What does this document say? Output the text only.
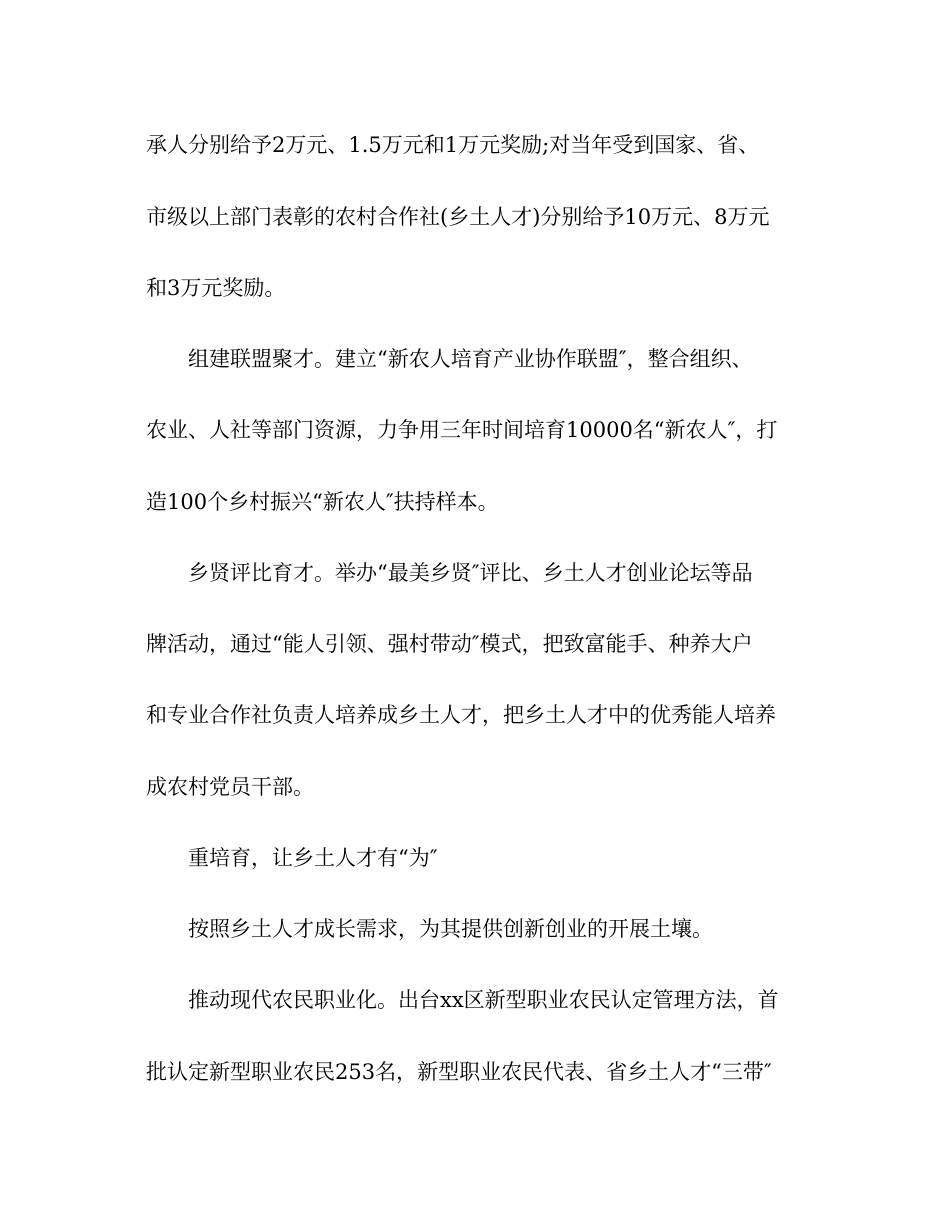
承人分别给予2万元、1.5万元和1万元奖励;对当年受到国家、省、
市级以上部门表彰的农村合作社(乡土人才)分别给予10万元、8万元
和3万元奖励。
组建联盟聚才。建立“新农人培育产业协作联盟″，整合组织、
农业、人社等部门资源，力争用三年时间培育10000名“新农人″，打
造100个乡村振兴“新农人″扶持样本。
乡贤评比育才。举办“最美乡贤″评比、乡土人才创业论坛等品
牌活动，通过“能人引领、强村带动″模式，把致富能手、种养大户
和专业合作社负责人培养成乡土人才，把乡土人才中的优秀能人培养
成农村党员干部。
重培育，让乡土人才有“为″
按照乡土人才成长需求，为其提供创新创业的开展土壤。
推动现代农民职业化。出台xx区新型职业农民认定管理方法，首
批认定新型职业农民253名，新型职业农民代表、省乡土人才“三带″
